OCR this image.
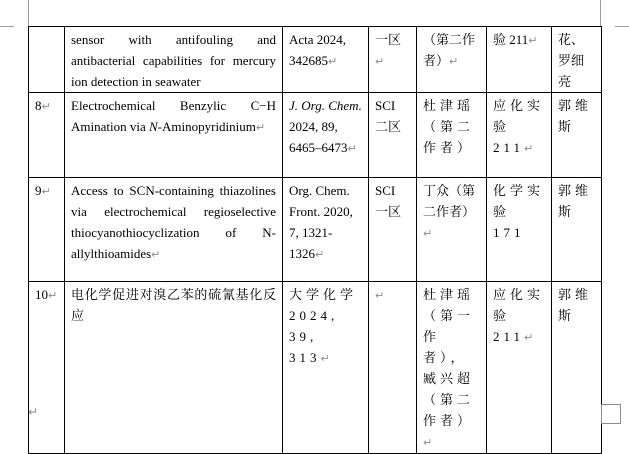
	sensor with antifouling and antibacterial capabilities for mercury ion detection in seawater	Acta 2024, 342685↵	一区↵	（第二作者）↵	验 211↵	花、罗细亮
8↵	Electrochemical Benzylic C−H Amination via N-Aminopyridinium↵	J. Org. Chem. 2024, 89, 6465–6473↵	SCI 二区	杜津瑶（第二作者）	应化实验 211↵	郭维斯
9↵	Access to SCN-containing thiazolines via electrochemical regioselective thiocyanothiocyclization of N-allylthioamides↵	Org. Chem. Front. 2020, 7, 1321-1326↵	SCI 一区	丁众（第二作者）↵	化学实验 171	郭维斯
10↵	电化学促进对溴乙苯的硫氰基化反应	大学化学 2024, 39, 313↵	↵	杜津瑶（第一作者），臧兴超（第二作者）↵	应化实验 211↵	郭维斯
↵
